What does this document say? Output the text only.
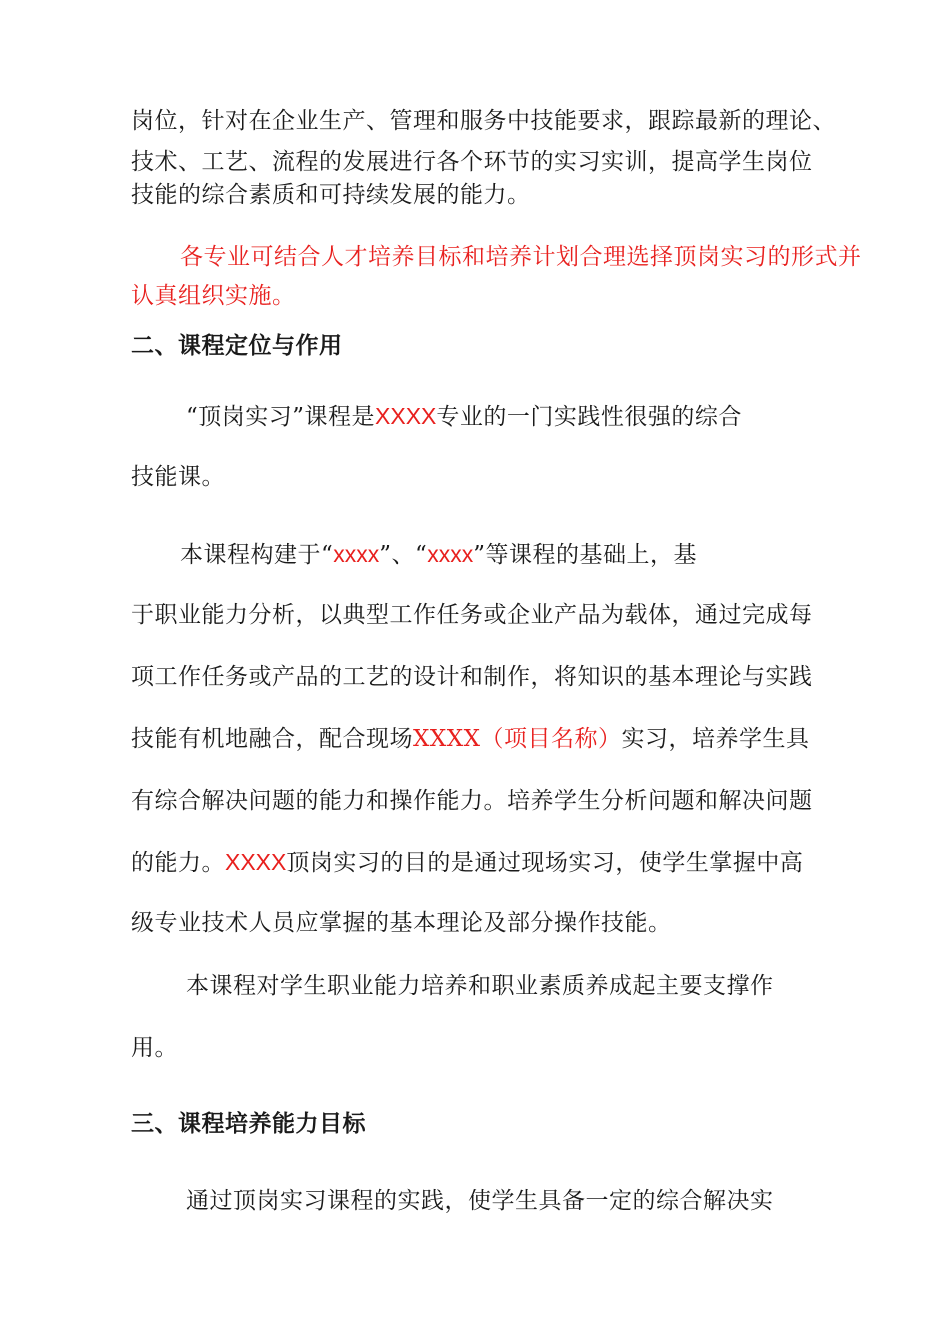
岗位，针对在企业生产、管理和服务中技能要求，跟踪最新的理论、
技术、工艺、流程的发展进行各个环节的实习实训，提高学生岗位
技能的综合素质和可持续发展的能力。
各专业可结合人才培养目标和培养计划合理选择顶岗实习的形式并
认真组织实施。
二、课程定位与作用
“顶岗实习”课程是XXXX专业的一门实践性很强的综合
技能课。
本课程构建于“xxxx”、“xxxx”等课程的基础上，基
于职业能力分析，以典型工作任务或企业产品为载体，通过完成每
项工作任务或产品的工艺的设计和制作，将知识的基本理论与实践
技能有机地融合，配合现场XXXX（项目名称）实习，培养学生具
有综合解决问题的能力和操作能力。培养学生分析问题和解决问题
的能力。XXXX顶岗实习的目的是通过现场实习，使学生掌握中高
级专业技术人员应掌握的基本理论及部分操作技能。
本课程对学生职业能力培养和职业素质养成起主要支撑作
用。
三、课程培养能力目标
通过顶岗实习课程的实践，使学生具备一定的综合解决实
